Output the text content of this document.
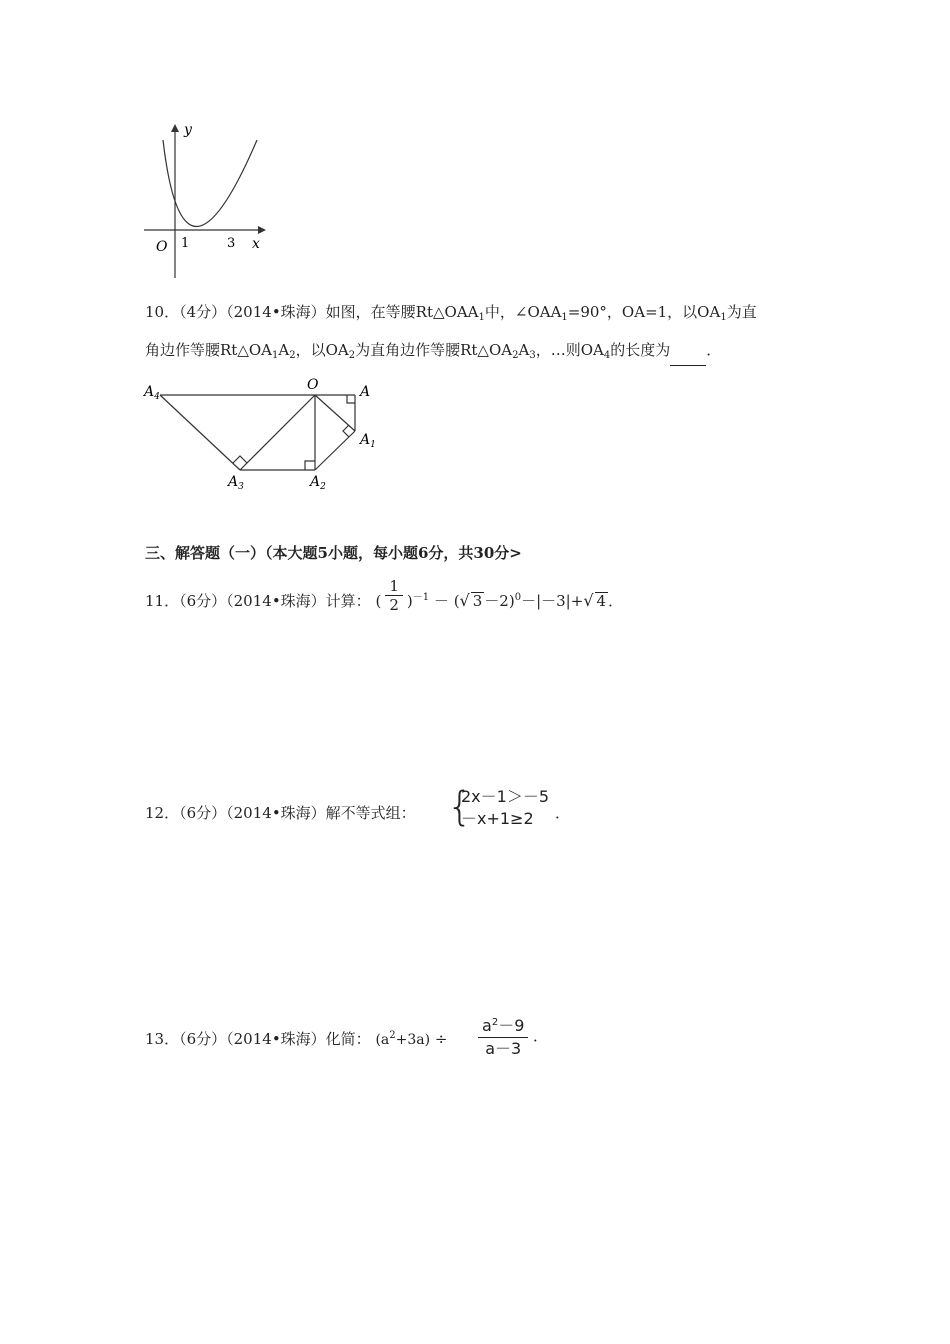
y
x
O 1	3
10．（4分）（2014•珠海）如图，在等腰$Rt\triangle OAA_1$中，$\angle OAA_1=90^\circ$，OA=1，以$OA_1$为直
角边作等腰$Rt\triangle OA_1A_2$，以$OA_2$为直角边作等腰$Rt\triangle OA_2A_3$，…则$OA_4$的长度为 ．
O	A
$A_1$
$A_2$
$A_3$
$A_4$
三、解答题（一）（本大题5小题，每小题6分，共30分>
11．（6分）（2014•珠海）计算： ( $\frac{1}{2} )^{-1}$ － (√ 3 －2)$^0$－|－3|+√ 4 ．
12．（6分）（2014•珠海）解不等式组： {
2x－1＞－5
－x+1≥2	．
13．（6分）（2014•珠海）化简： $(a^2+3a) \div \frac{a^2-9}{a-3}$ ．
